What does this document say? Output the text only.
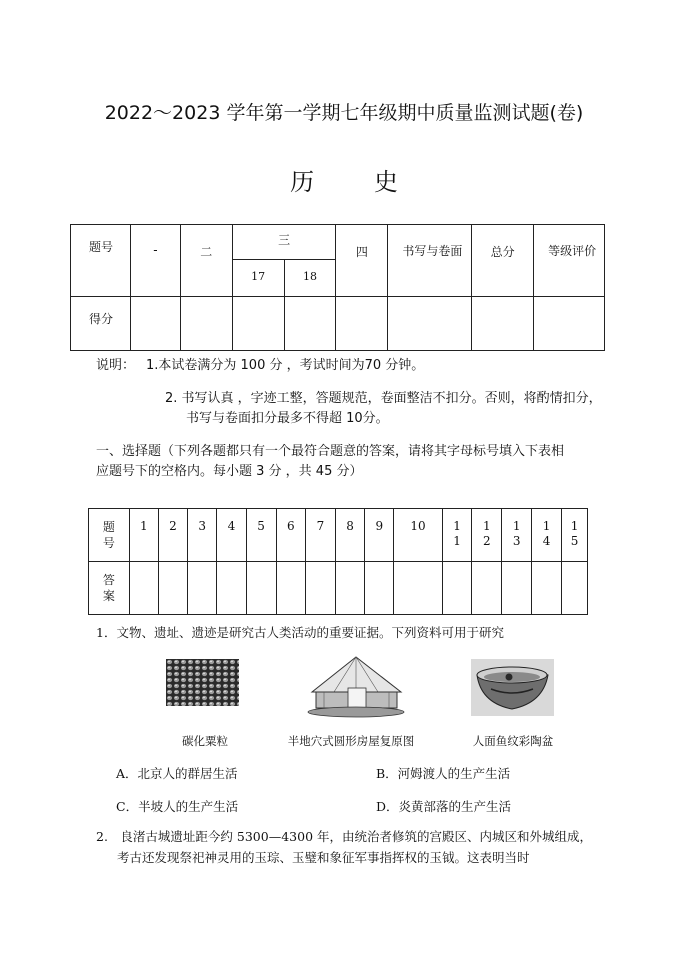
2022～2023 学年第一学期七年级期中质量监测试题(卷)
历 史
题号	-	二	三		四	书写与卷面	总分	等级评价
			17	18				
得分								
说明： 1.本试卷满分为 100 分 ，考试时间为70 分钟。
2. 书写认真 ，字迹工整，答题规范，卷面整洁不扣分。否则，将酌情扣分，
书写与卷面扣分最多不得超 10分。
一、选择题（下列各题都只有一个最符合题意的答案，请将其字母标号填入下表相
应题号下的空格内。每小题 3 分 ，共 45 分）
题号	1	2	3	4	5	6	7	8	9	10	11	12	13	14	15
答案															
1．文物、遗址、遗迹是研究古人类活动的重要证据。下列资料可用于研究
碳化粟粒	半地穴式圆形房屋复原图	人面鱼纹彩陶盆
A．北京人的群居生活	B．河姆渡人的生产生活
C．半坡人的生产生活	D．炎黄部落的生产生活
2.　良渚古城遗址距今约 5300—4300 年，由统治者修筑的宫殿区、内城区和外城组成，
考古还发现祭祀神灵用的玉琮、玉璧和象征军事指挥权的玉钺。这表明当时
